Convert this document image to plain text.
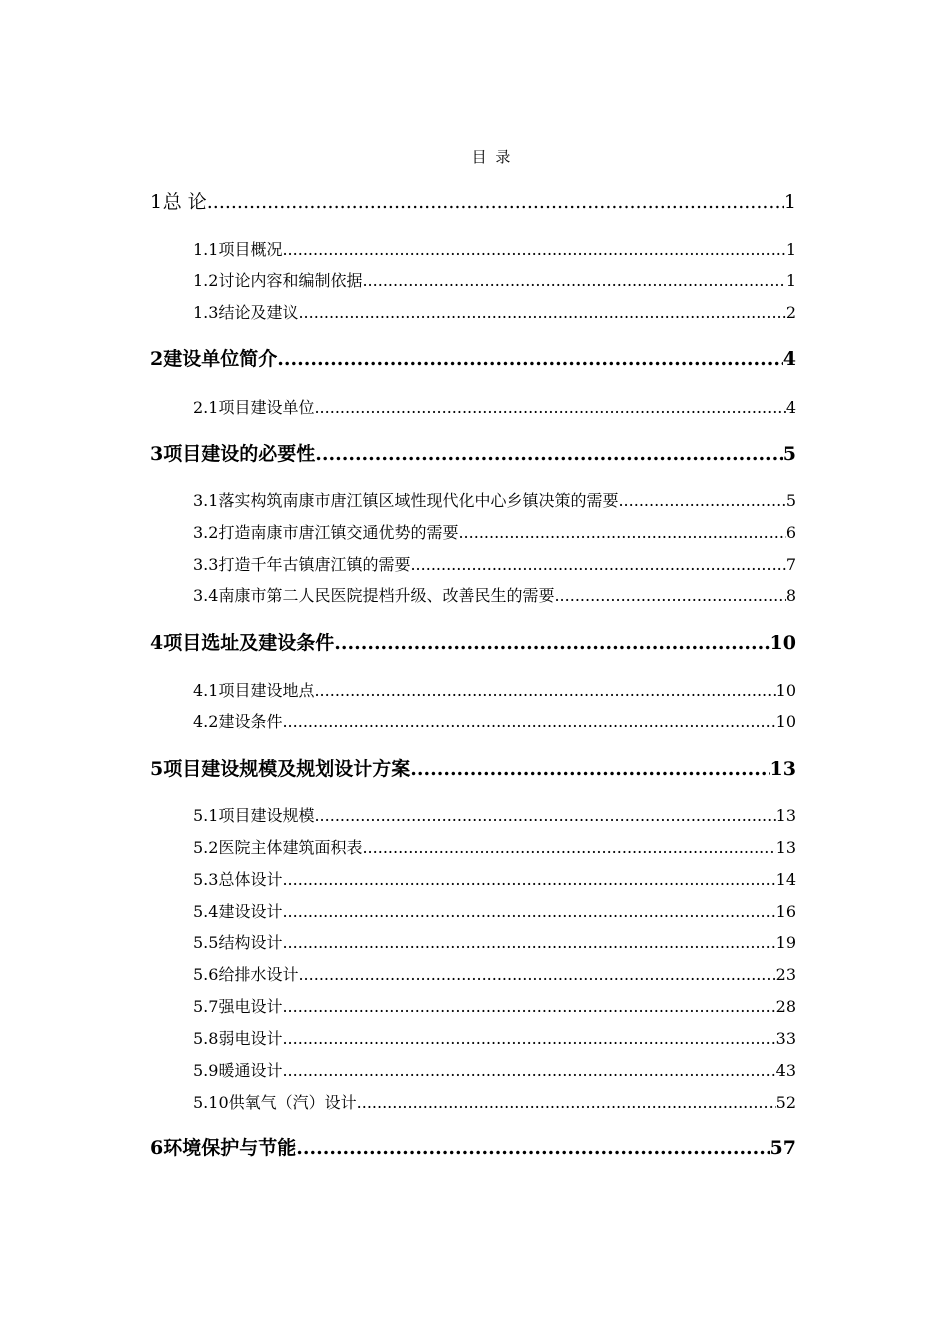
目 录
1 总 论 .....	1
1.1 项目概况 .....	1
1.2 讨论内容和编制依据 .....	1
1.3 结论及建议 .....	2
2 建设单位简介 .....	4
2.1 项目建设单位 .....	4
3 项目建设的必要性 .....	5
3.1 落实构筑南康市唐江镇区域性现代化中心乡镇决策的需要 .....	5
3.2 打造南康市唐江镇交通优势的需要 .....	6
3.3 打造千年古镇唐江镇的需要 .....	7
3.4 南康市第二人民医院提档升级、改善民生的需要 .....	8
4 项目选址及建设条件 .....	10
4.1 项目建设地点 .....	10
4.2 建设条件 .....	10
5 项目建设规模及规划设计方案 .....	13
5.1 项目建设规模 .....	13
5.2 医院主体建筑面积表 .....	13
5.3 总体设计 .....	14
5.4 建设设计 .....	16
5.5 结构设计 .....	19
5.6 给排水设计 .....	23
5.7 强电设计 .....	28
5.8 弱电设计 .....	33
5.9 暖通设计 .....	43
5.10 供氧气（汽）设计 .....	52
6 环境保护与节能 .....	57
